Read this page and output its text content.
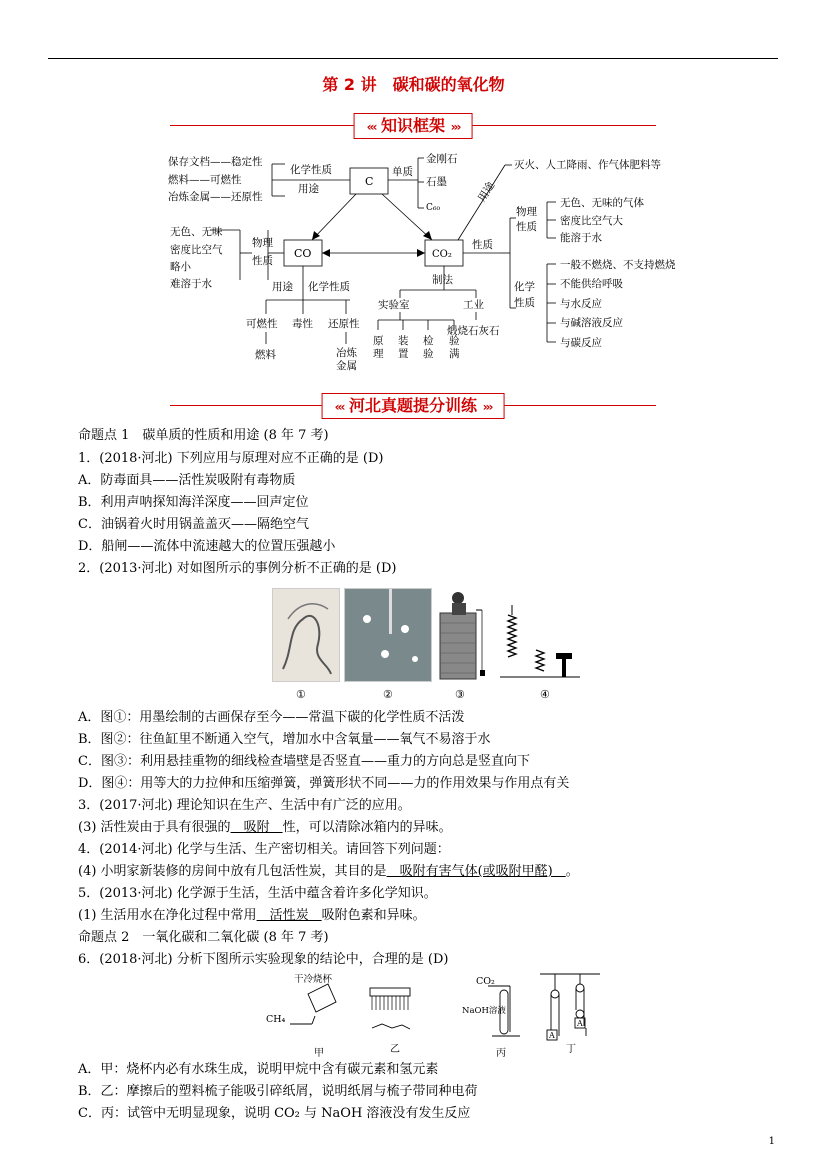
第 2 讲　碳和碳的氧化物
‹‹‹ 知识框架 ›››
C
CO	CO₂
保存文档——稳定性
燃料——可燃性
冶炼金属——还原性
化学性质
用途
单质
金刚石
石墨
C₆₀
用途
灭火、人工降雨、作气体肥料等
无色、无味
密度比空气
略小
难溶于水
物理
性质
用途 化学性质
可燃性 毒性 还原性
燃料	冶炼
金属
性质
物理
性质
无色、无味的气体
密度比空气大
能溶于水
化学
性质
一般不燃烧、不支持燃烧
不能供给呼吸
与水反应
与碱溶液反应
与碳反应
制法
实验室	工业
煅烧石灰石
原
理
装
置
检
验
验
满
‹‹‹ 河北真题提分训练 ›››
命题点 1　碳单质的性质和用途 (8 年 7 考)
1．(2018·河北) 下列应用与原理对应不正确的是 (D)
A．防毒面具——活性炭吸附有毒物质
B．利用声呐探知海洋深度——回声定位
C．油锅着火时用锅盖盖灭——隔绝空气
D．船闸——流体中流速越大的位置压强越小
2．(2013·河北) 对如图所示的事例分析不正确的是 (D)
①	②	③	④
A．图①：用墨绘制的古画保存至今——常温下碳的化学性质不活泼
B．图②：往鱼缸里不断通入空气，增加水中含氧量——氧气不易溶于水
C．图③：利用悬挂重物的细线检查墙壁是否竖直——重力的方向总是竖直向下
D．图④：用等大的力拉伸和压缩弹簧，弹簧形状不同——力的作用效果与作用点有关
3．(2017·河北) 理论知识在生产、生活中有广泛的应用。
(3) 活性炭由于具有很强的　吸附　性，可以清除冰箱内的异味。
4．(2014·河北) 化学与生活、生产密切相关。请回答下列问题：
(4) 小明家新装修的房间中放有几包活性炭，其目的是　吸附有害气体(或吸附甲醛)　。
5．(2013·河北) 化学源于生活，生活中蕴含着许多化学知识。
(1) 生活用水在净化过程中常用　活性炭　吸附色素和异味。
命题点 2　一氧化碳和二氧化碳 (8 年 7 考)
6．(2018·河北) 分析下图所示实验现象的结论中，合理的是 (D)
干冷烧杯
CH₄
CO₂
NaOH溶液
A
A
甲	乙	丙	丁
A．甲：烧杯内必有水珠生成，说明甲烷中含有碳元素和氢元素
B．乙：摩擦后的塑料梳子能吸引碎纸屑，说明纸屑与梳子带同种电荷
C．丙：试管中无明显现象，说明 CO₂ 与 NaOH 溶液没有发生反应
1
